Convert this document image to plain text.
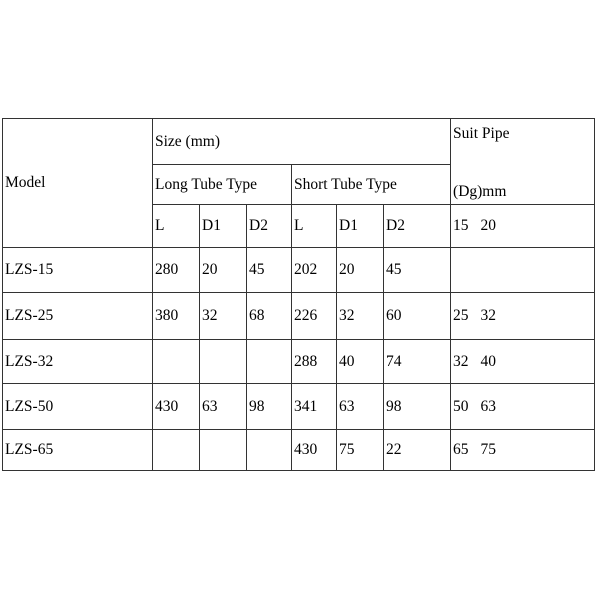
Model	Size (mm)						Suit Pipe
(Dg)mm

	Long Tube Type			Short Tube Type			
	L	D1	D2	L	D1	D2	15 20
LZS-15	280	20	45	202	20	45	
LZS-25	380	32	68	226	32	60	25 32
LZS-32				288	40	74	32 40
LZS-50	430	63	98	341	63	98	50 63
LZS-65				430	75	22	65 75
